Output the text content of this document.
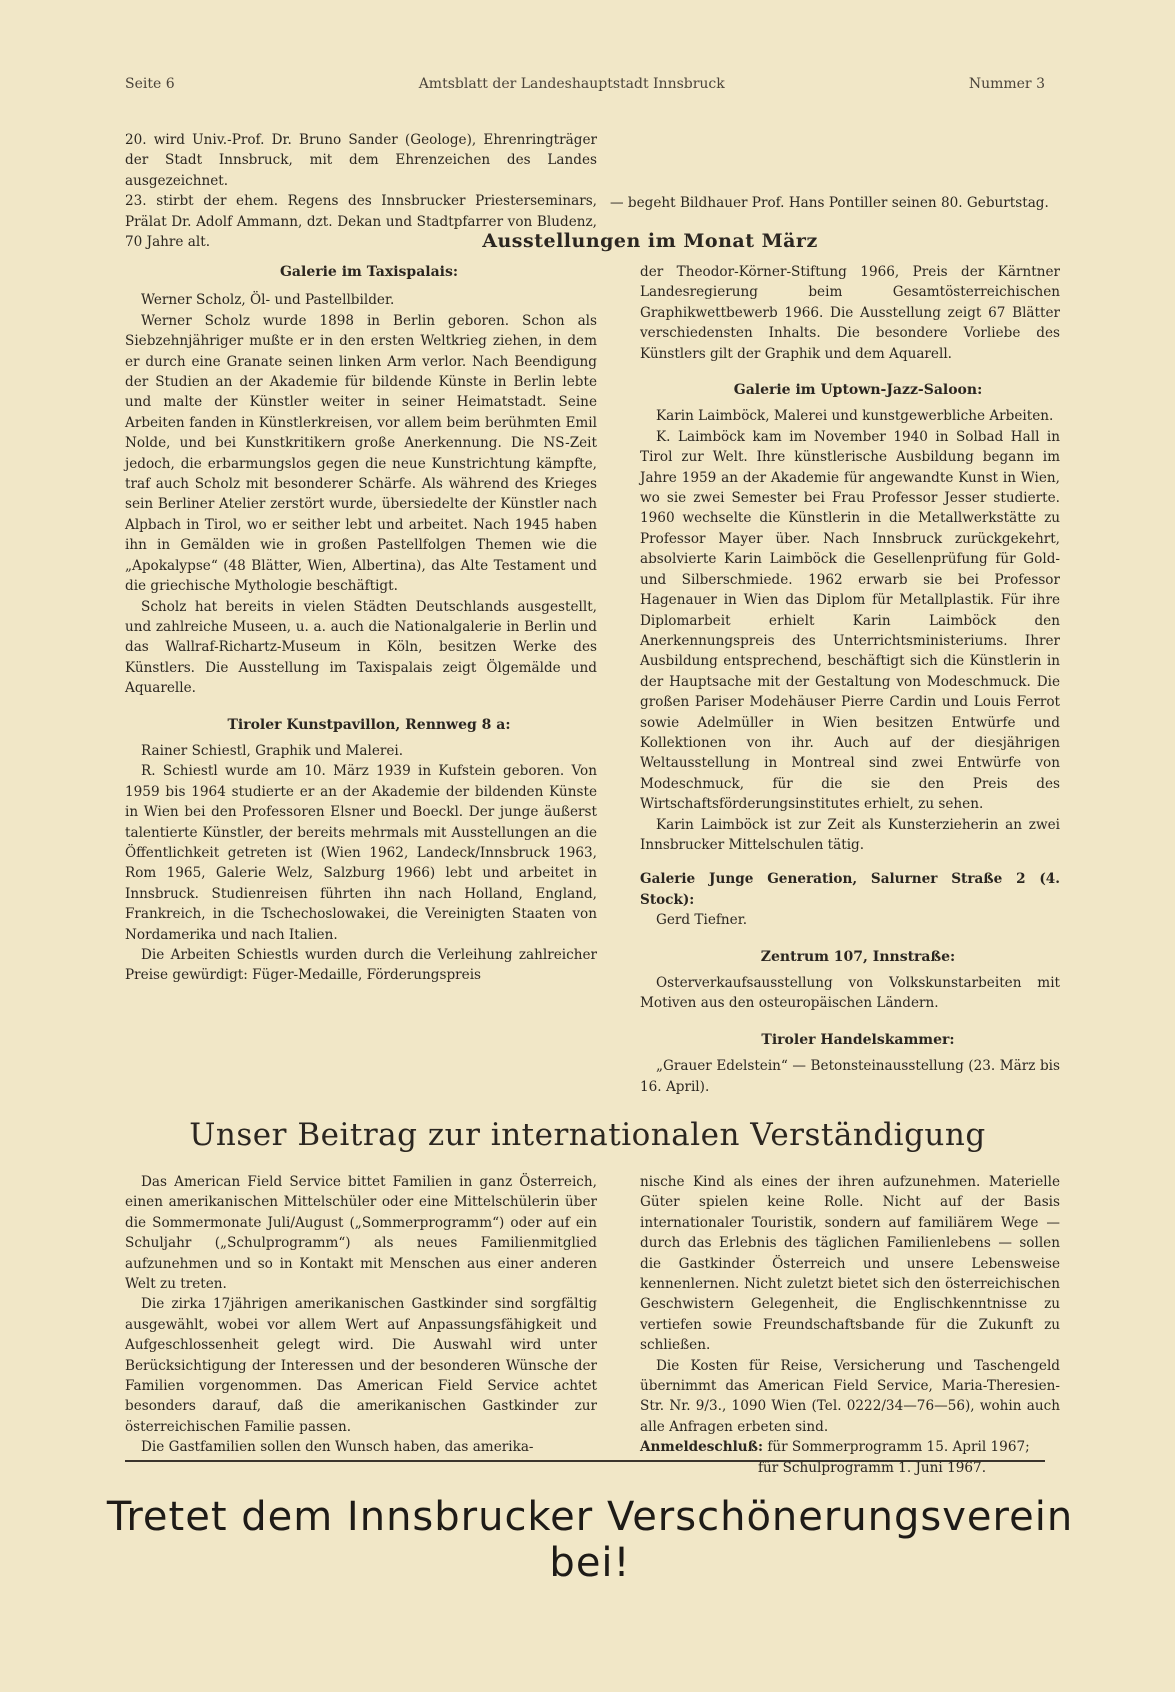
Seite 6	Amtsblatt der Landeshauptstadt Innsbruck	Nummer 3

20. wird Univ.-Prof. Dr. Bruno Sander (Geologe), Ehrenringträger der Stadt Innsbruck, mit dem Ehrenzeichen des Landes ausgezeichnet.

23. stirbt der ehem. Regens des Innsbrucker Priesterseminars, Prälat Dr. Adolf Ammann, dzt. Dekan und Stadtpfarrer von Bludenz, 70 Jahre alt.

— begeht Bildhauer Prof. Hans Pontiller seinen 80. Geburtstag.

Ausstellungen im Monat März

Galerie im Taxispalais:

Werner Scholz, Öl- und Pastellbilder.

Werner Scholz wurde 1898 in Berlin geboren. Schon als Siebzehnjähriger mußte er in den ersten Weltkrieg ziehen, in dem er durch eine Granate seinen linken Arm verlor. Nach Beendigung der Studien an der Akademie für bildende Künste in Berlin lebte und malte der Künstler weiter in seiner Heimatstadt. Seine Arbeiten fanden in Künstlerkreisen, vor allem beim berühmten Emil Nolde, und bei Kunstkritikern große Anerkennung. Die NS-Zeit jedoch, die erbarmungslos gegen die neue Kunstrichtung kämpfte, traf auch Scholz mit besonderer Schärfe. Als während des Krieges sein Berliner Atelier zerstört wurde, übersiedelte der Künstler nach Alpbach in Tirol, wo er seither lebt und arbeitet. Nach 1945 haben ihn in Gemälden wie in großen Pastellfolgen Themen wie die „Apokalypse“ (48 Blätter, Wien, Albertina), das Alte Testament und die griechische Mythologie beschäftigt.

Scholz hat bereits in vielen Städten Deutschlands ausgestellt, und zahlreiche Museen, u. a. auch die Nationalgalerie in Berlin und das Wallraf-Richartz-Museum in Köln, besitzen Werke des Künstlers. Die Ausstellung im Taxispalais zeigt Ölgemälde und Aquarelle.

Tiroler Kunstpavillon, Rennweg 8 a:

Rainer Schiestl, Graphik und Malerei.

R. Schiestl wurde am 10. März 1939 in Kufstein geboren. Von 1959 bis 1964 studierte er an der Akademie der bildenden Künste in Wien bei den Professoren Elsner und Boeckl. Der junge äußerst talentierte Künstler, der bereits mehrmals mit Ausstellungen an die Öffentlichkeit getreten ist (Wien 1962, Landeck/Innsbruck 1963, Rom 1965, Galerie Welz, Salzburg 1966) lebt und arbeitet in Innsbruck. Studienreisen führten ihn nach Holland, England, Frankreich, in die Tschechoslowakei, die Vereinigten Staaten von Nordamerika und nach Italien.

Die Arbeiten Schiestls wurden durch die Verleihung zahlreicher Preise gewürdigt: Füger-Medaille, Förderungspreis

der Theodor-Körner-Stiftung 1966, Preis der Kärntner Landesregierung beim Gesamtösterreichischen Graphikwettbewerb 1966. Die Ausstellung zeigt 67 Blätter verschiedensten Inhalts. Die besondere Vorliebe des Künstlers gilt der Graphik und dem Aquarell.

Galerie im Uptown-Jazz-Saloon:

Karin Laimböck, Malerei und kunstgewerbliche Arbeiten.

K. Laimböck kam im November 1940 in Solbad Hall in Tirol zur Welt. Ihre künstlerische Ausbildung begann im Jahre 1959 an der Akademie für angewandte Kunst in Wien, wo sie zwei Semester bei Frau Professor Jesser studierte. 1960 wechselte die Künstlerin in die Metallwerkstätte zu Professor Mayer über. Nach Innsbruck zurückgekehrt, absolvierte Karin Laimböck die Gesellenprüfung für Gold- und Silberschmiede. 1962 erwarb sie bei Professor Hagenauer in Wien das Diplom für Metallplastik. Für ihre Diplomarbeit erhielt Karin Laimböck den Anerkennungspreis des Unterrichtsministeriums. Ihrer Ausbildung entsprechend, beschäftigt sich die Künstlerin in der Hauptsache mit der Gestaltung von Modeschmuck. Die großen Pariser Modehäuser Pierre Cardin und Louis Ferrot sowie Adelmüller in Wien besitzen Entwürfe und Kollektionen von ihr. Auch auf der diesjährigen Weltausstellung in Montreal sind zwei Entwürfe von Modeschmuck, für die sie den Preis des Wirtschaftsförderungsinstitutes erhielt, zu sehen.

Karin Laimböck ist zur Zeit als Kunsterzieherin an zwei Innsbrucker Mittelschulen tätig.

Galerie Junge Generation, Salurner Straße 2 (4. Stock):

Gerd Tiefner.

Zentrum 107, Innstraße:

Osterverkaufsausstellung von Volkskunstarbeiten mit Motiven aus den osteuropäischen Ländern.

Tiroler Handelskammer:

„Grauer Edelstein“ — Betonsteinausstellung (23. März bis 16. April).

Unser Beitrag zur internationalen Verständigung

Das American Field Service bittet Familien in ganz Österreich, einen amerikanischen Mittelschüler oder eine Mittelschülerin über die Sommermonate Juli/August („Sommerprogramm“) oder auf ein Schuljahr („Schulprogramm“) als neues Familienmitglied aufzunehmen und so in Kontakt mit Menschen aus einer anderen Welt zu treten.

Die zirka 17jährigen amerikanischen Gastkinder sind sorgfältig ausgewählt, wobei vor allem Wert auf Anpassungsfähigkeit und Aufgeschlossenheit gelegt wird. Die Auswahl wird unter Berücksichtigung der Interessen und der besonderen Wünsche der Familien vorgenommen. Das American Field Service achtet besonders darauf, daß die amerikanischen Gastkinder zur österreichischen Familie passen.

Die Gastfamilien sollen den Wunsch haben, das amerika-

nische Kind als eines der ihren aufzunehmen. Materielle Güter spielen keine Rolle. Nicht auf der Basis internationaler Touristik, sondern auf familiärem Wege — durch das Erlebnis des täglichen Familienlebens — sollen die Gastkinder Österreich und unsere Lebensweise kennenlernen. Nicht zuletzt bietet sich den österreichischen Geschwistern Gelegenheit, die Englischkenntnisse zu vertiefen sowie Freundschaftsbande für die Zukunft zu schließen.

Die Kosten für Reise, Versicherung und Taschengeld übernimmt das American Field Service, Maria-Theresien-Str. Nr. 9/3., 1090 Wien (Tel. 0222/34—76—56), wohin auch alle Anfragen erbeten sind.

Anmeldeschluß: für Sommerprogramm 15. April 1967;

für Schulprogramm 1. Juni 1967.

Tretet dem Innsbrucker Verschönerungsverein bei!
